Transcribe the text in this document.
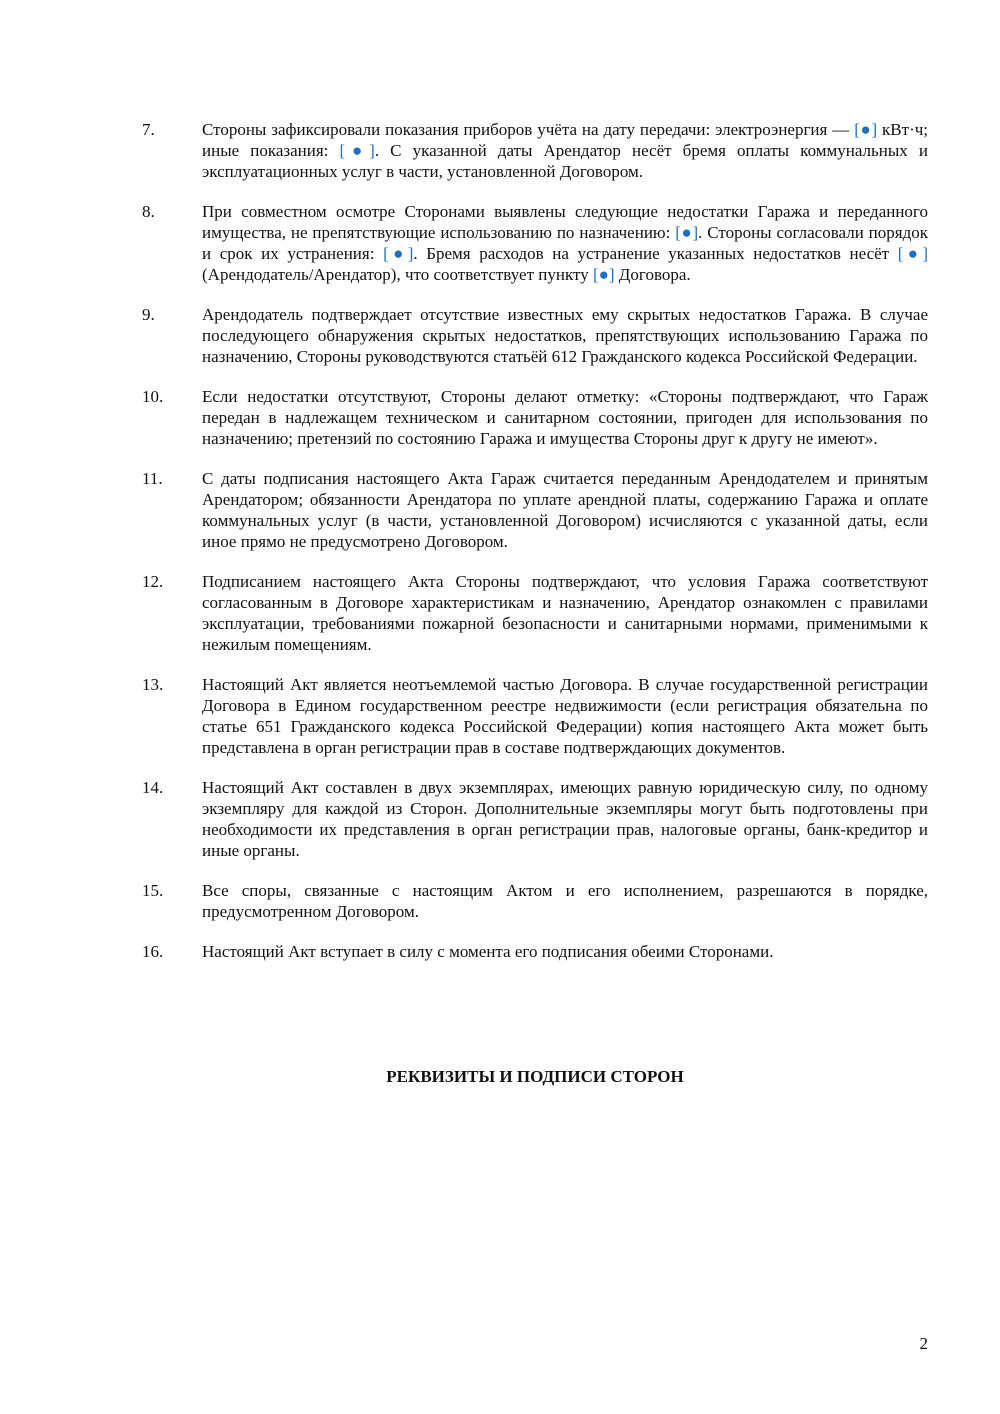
7.	Стороны зафиксировали показания приборов учёта на дату передачи: электроэнергия — [●] кВт·ч; иные показания: [●]. С указанной даты Арендатор несёт бремя оплаты коммунальных и эксплуатационных услуг в части, установленной Договором.
8.	При совместном осмотре Сторонами выявлены следующие недостатки Гаража и переданного имущества, не препятствующие использованию по назначению: [●]. Стороны согласовали порядок и срок их устранения: [●]. Бремя расходов на устранение указанных недостатков несёт [●] (Арендодатель/Арендатор), что соответствует пункту [●] Договора.
9.	Арендодатель подтверждает отсутствие известных ему скрытых недостатков Гаража. В случае последующего обнаружения скрытых недостатков, препятствующих использованию Гаража по назначению, Стороны руководствуются статьёй 612 Гражданского кодекса Российской Федерации.
10.	Если недостатки отсутствуют, Стороны делают отметку: «Стороны подтверждают, что Гараж передан в надлежащем техническом и санитарном состоянии, пригоден для использования по назначению; претензий по состоянию Гаража и имущества Стороны друг к другу не имеют».
11.	С даты подписания настоящего Акта Гараж считается переданным Арендодателем и принятым Арендатором; обязанности Арендатора по уплате арендной платы, содержанию Гаража и оплате коммунальных услуг (в части, установленной Договором) исчисляются с указанной даты, если иное прямо не предусмотрено Договором.
12.	Подписанием настоящего Акта Стороны подтверждают, что условия Гаража соответствуют согласованным в Договоре характеристикам и назначению, Арендатор ознакомлен с правилами эксплуатации, требованиями пожарной безопасности и санитарными нормами, применимыми к нежилым помещениям.
13.	Настоящий Акт является неотъемлемой частью Договора. В случае государственной регистрации Договора в Едином государственном реестре недвижимости (если регистрация обязательна по статье 651 Гражданского кодекса Российской Федерации) копия настоящего Акта может быть представлена в орган регистрации прав в составе подтверждающих документов.
14.	Настоящий Акт составлен в двух экземплярах, имеющих равную юридическую силу, по одному экземпляру для каждой из Сторон. Дополнительные экземпляры могут быть подготовлены при необходимости их представления в орган регистрации прав, налоговые органы, банк-кредитор и иные органы.
15.	Все споры, связанные с настоящим Актом и его исполнением, разрешаются в порядке, предусмотренном Договором.
16.	Настоящий Акт вступает в силу с момента его подписания обеими Сторонами.
РЕКВИЗИТЫ И ПОДПИСИ СТОРОН
2
